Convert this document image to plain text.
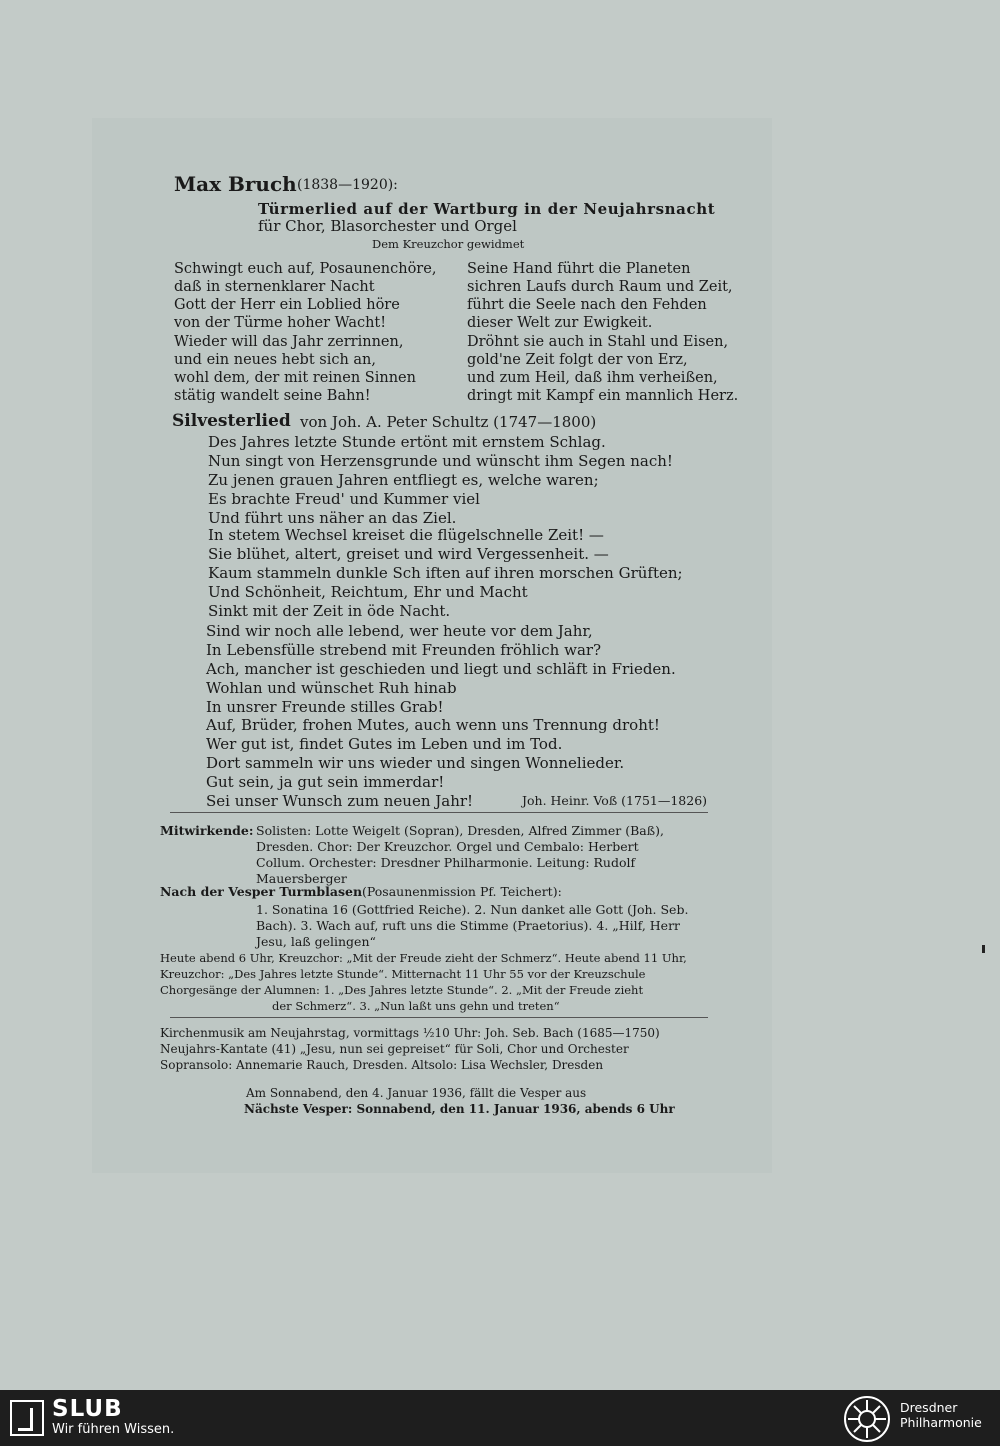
Max Bruch (1838—1920):
Türmerlied auf der Wartburg in der Neujahrsnacht
für Chor, Blasorchester und Orgel
Dem Kreuzchor gewidmet
Schwingt euch auf, Posaunenchöre,
daß in sternenklarer Nacht
Gott der Herr ein Loblied höre
von der Türme hoher Wacht!
Wieder will das Jahr zerrinnen,
und ein neues hebt sich an,
wohl dem, der mit reinen Sinnen
stätig wandelt seine Bahn!
Seine Hand führt die Planeten
sichren Laufs durch Raum und Zeit,
führt die Seele nach den Fehden
dieser Welt zur Ewigkeit.
Dröhnt sie auch in Stahl und Eisen,
gold'ne Zeit folgt der von Erz,
und zum Heil, daß ihm verheißen,
dringt mit Kampf ein mannlich Herz.
Silvesterlied von Joh. A. Peter Schultz (1747—1800)
Des Jahres letzte Stunde ertönt mit ernstem Schlag.
Nun singt von Herzensgrunde und wünscht ihm Segen nach!
Zu jenen grauen Jahren entfliegt es, welche waren;
Es brachte Freud' und Kummer viel
Und führt uns näher an das Ziel.
In stetem Wechsel kreiset die flügelschnelle Zeit! —
Sie blühet, altert, greiset und wird Vergessenheit. —
Kaum stammeln dunkle Sch iften auf ihren morschen Grüften;
Und Schönheit, Reichtum, Ehr und Macht
Sinkt mit der Zeit in öde Nacht.
Sind wir noch alle lebend, wer heute vor dem Jahr,
In Lebensfülle strebend mit Freunden fröhlich war?
Ach, mancher ist geschieden und liegt und schläft in Frieden.
Wohlan und wünschet Ruh hinab
In unsrer Freunde stilles Grab!
Auf, Brüder, frohen Mutes, auch wenn uns Trennung droht!
Wer gut ist, findet Gutes im Leben und im Tod.
Dort sammeln wir uns wieder und singen Wonnelieder.
Gut sein, ja gut sein immerdar!
Sei unser Wunsch zum neuen Jahr!	Joh. Heinr. Voß (1751—1826)
Mitwirkende: Solisten: Lotte Weigelt (Sopran), Dresden, Alfred Zimmer (Baß),
Dresden. Chor: Der Kreuzchor. Orgel und Cembalo: Herbert
Collum. Orchester: Dresdner Philharmonie. Leitung: Rudolf
Mauersberger
Nach der Vesper Turmblasen (Posaunenmission Pf. Teichert):
1. Sonatina 16 (Gottfried Reiche). 2. Nun danket alle Gott (Joh. Seb.
Bach). 3. Wach auf, ruft uns die Stimme (Praetorius). 4. „Hilf, Herr
Jesu, laß gelingen“
Heute abend 6 Uhr, Kreuzchor: „Mit der Freude zieht der Schmerz“. Heute abend 11 Uhr,
Kreuzchor: „Des Jahres letzte Stunde“. Mitternacht 11 Uhr 55 vor der Kreuzschule
Chorgesänge der Alumnen: 1. „Des Jahres letzte Stunde“. 2. „Mit der Freude zieht
der Schmerz“. 3. „Nun laßt uns gehn und treten“
Kirchenmusik am Neujahrstag, vormittags ½10 Uhr: Joh. Seb. Bach (1685—1750)
Neujahrs-Kantate (41) „Jesu, nun sei gepreiset“ für Soli, Chor und Orchester
Sopransolo: Annemarie Rauch, Dresden. Altsolo: Lisa Wechsler, Dresden
Am Sonnabend, den 4. Januar 1936, fällt die Vesper aus
Nächste Vesper: Sonnabend, den 11. Januar 1936, abends 6 Uhr
SLUB
Wir führen Wissen.
Dresdner
Philharmonie
